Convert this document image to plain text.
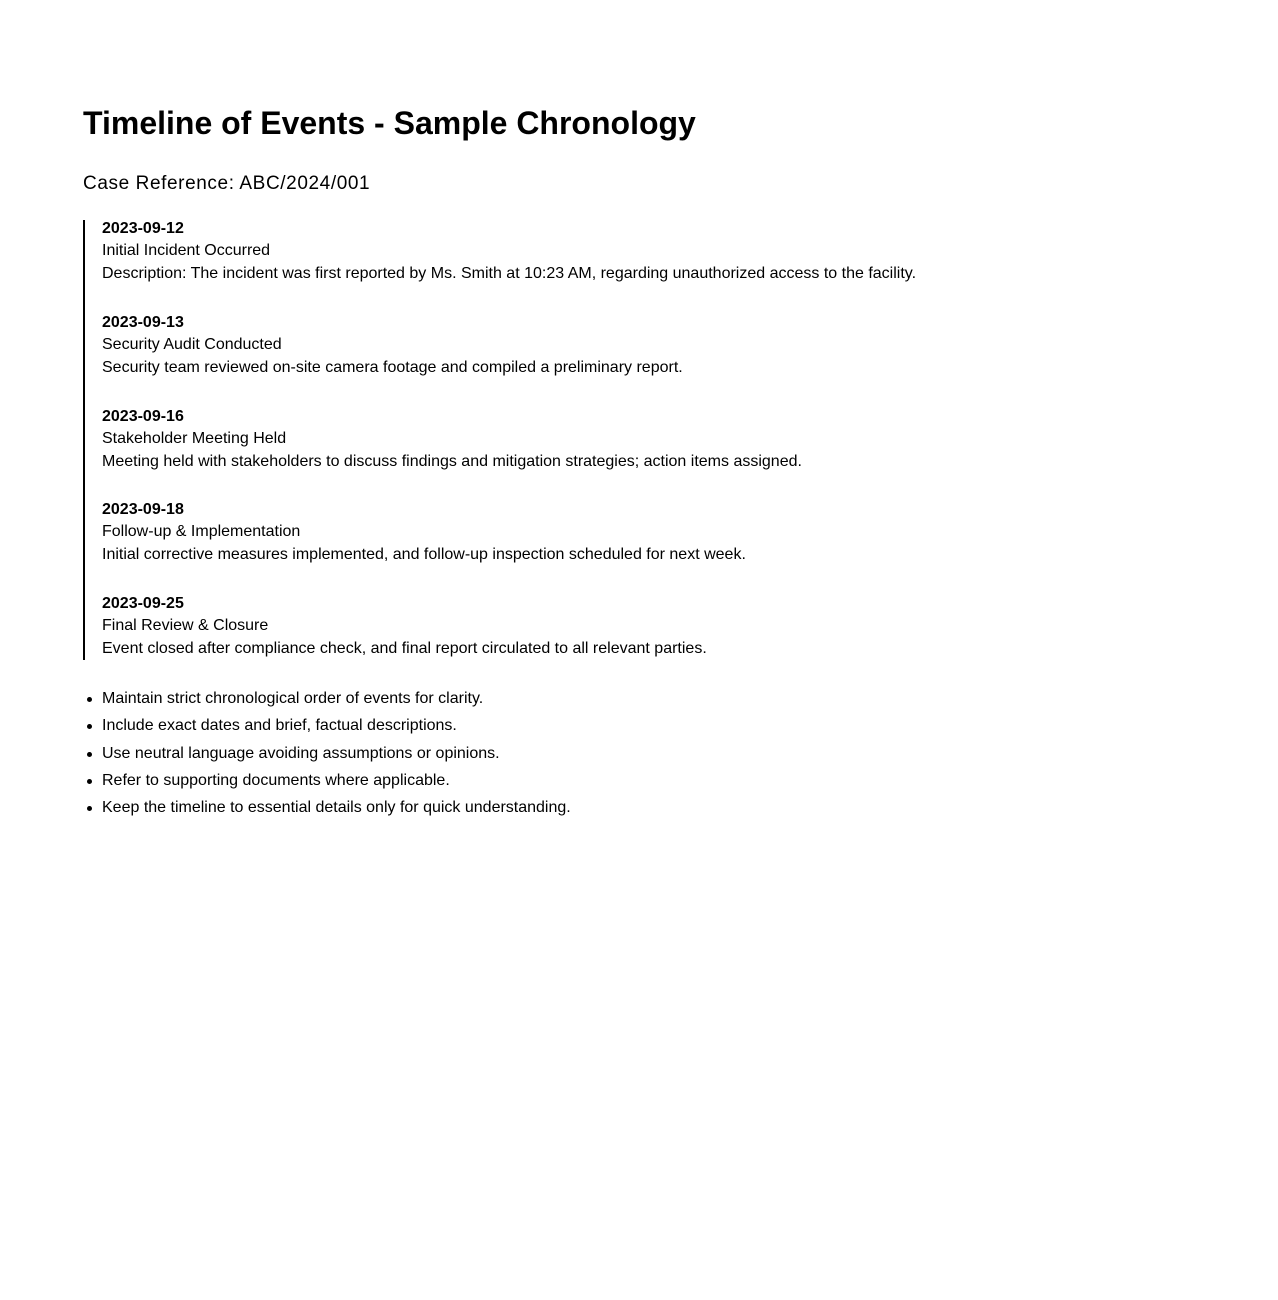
Timeline of Events - Sample Chronology

Case Reference: ABC/2024/001

2023-09-12
Initial Incident Occurred
Description: The incident was first reported by Ms. Smith at 10:23 AM, regarding unauthorized access to the facility.
2023-09-13
Security Audit Conducted
Security team reviewed on-site camera footage and compiled a preliminary report.
2023-09-16
Stakeholder Meeting Held
Meeting held with stakeholders to discuss findings and mitigation strategies; action items assigned.
2023-09-18
Follow-up & Implementation
Initial corrective measures implemented, and follow-up inspection scheduled for next week.
2023-09-25
Final Review & Closure
Event closed after compliance check, and final report circulated to all relevant parties.
Maintain strict chronological order of events for clarity.
Include exact dates and brief, factual descriptions.
Use neutral language avoiding assumptions or opinions.
Refer to supporting documents where applicable.
Keep the timeline to essential details only for quick understanding.
